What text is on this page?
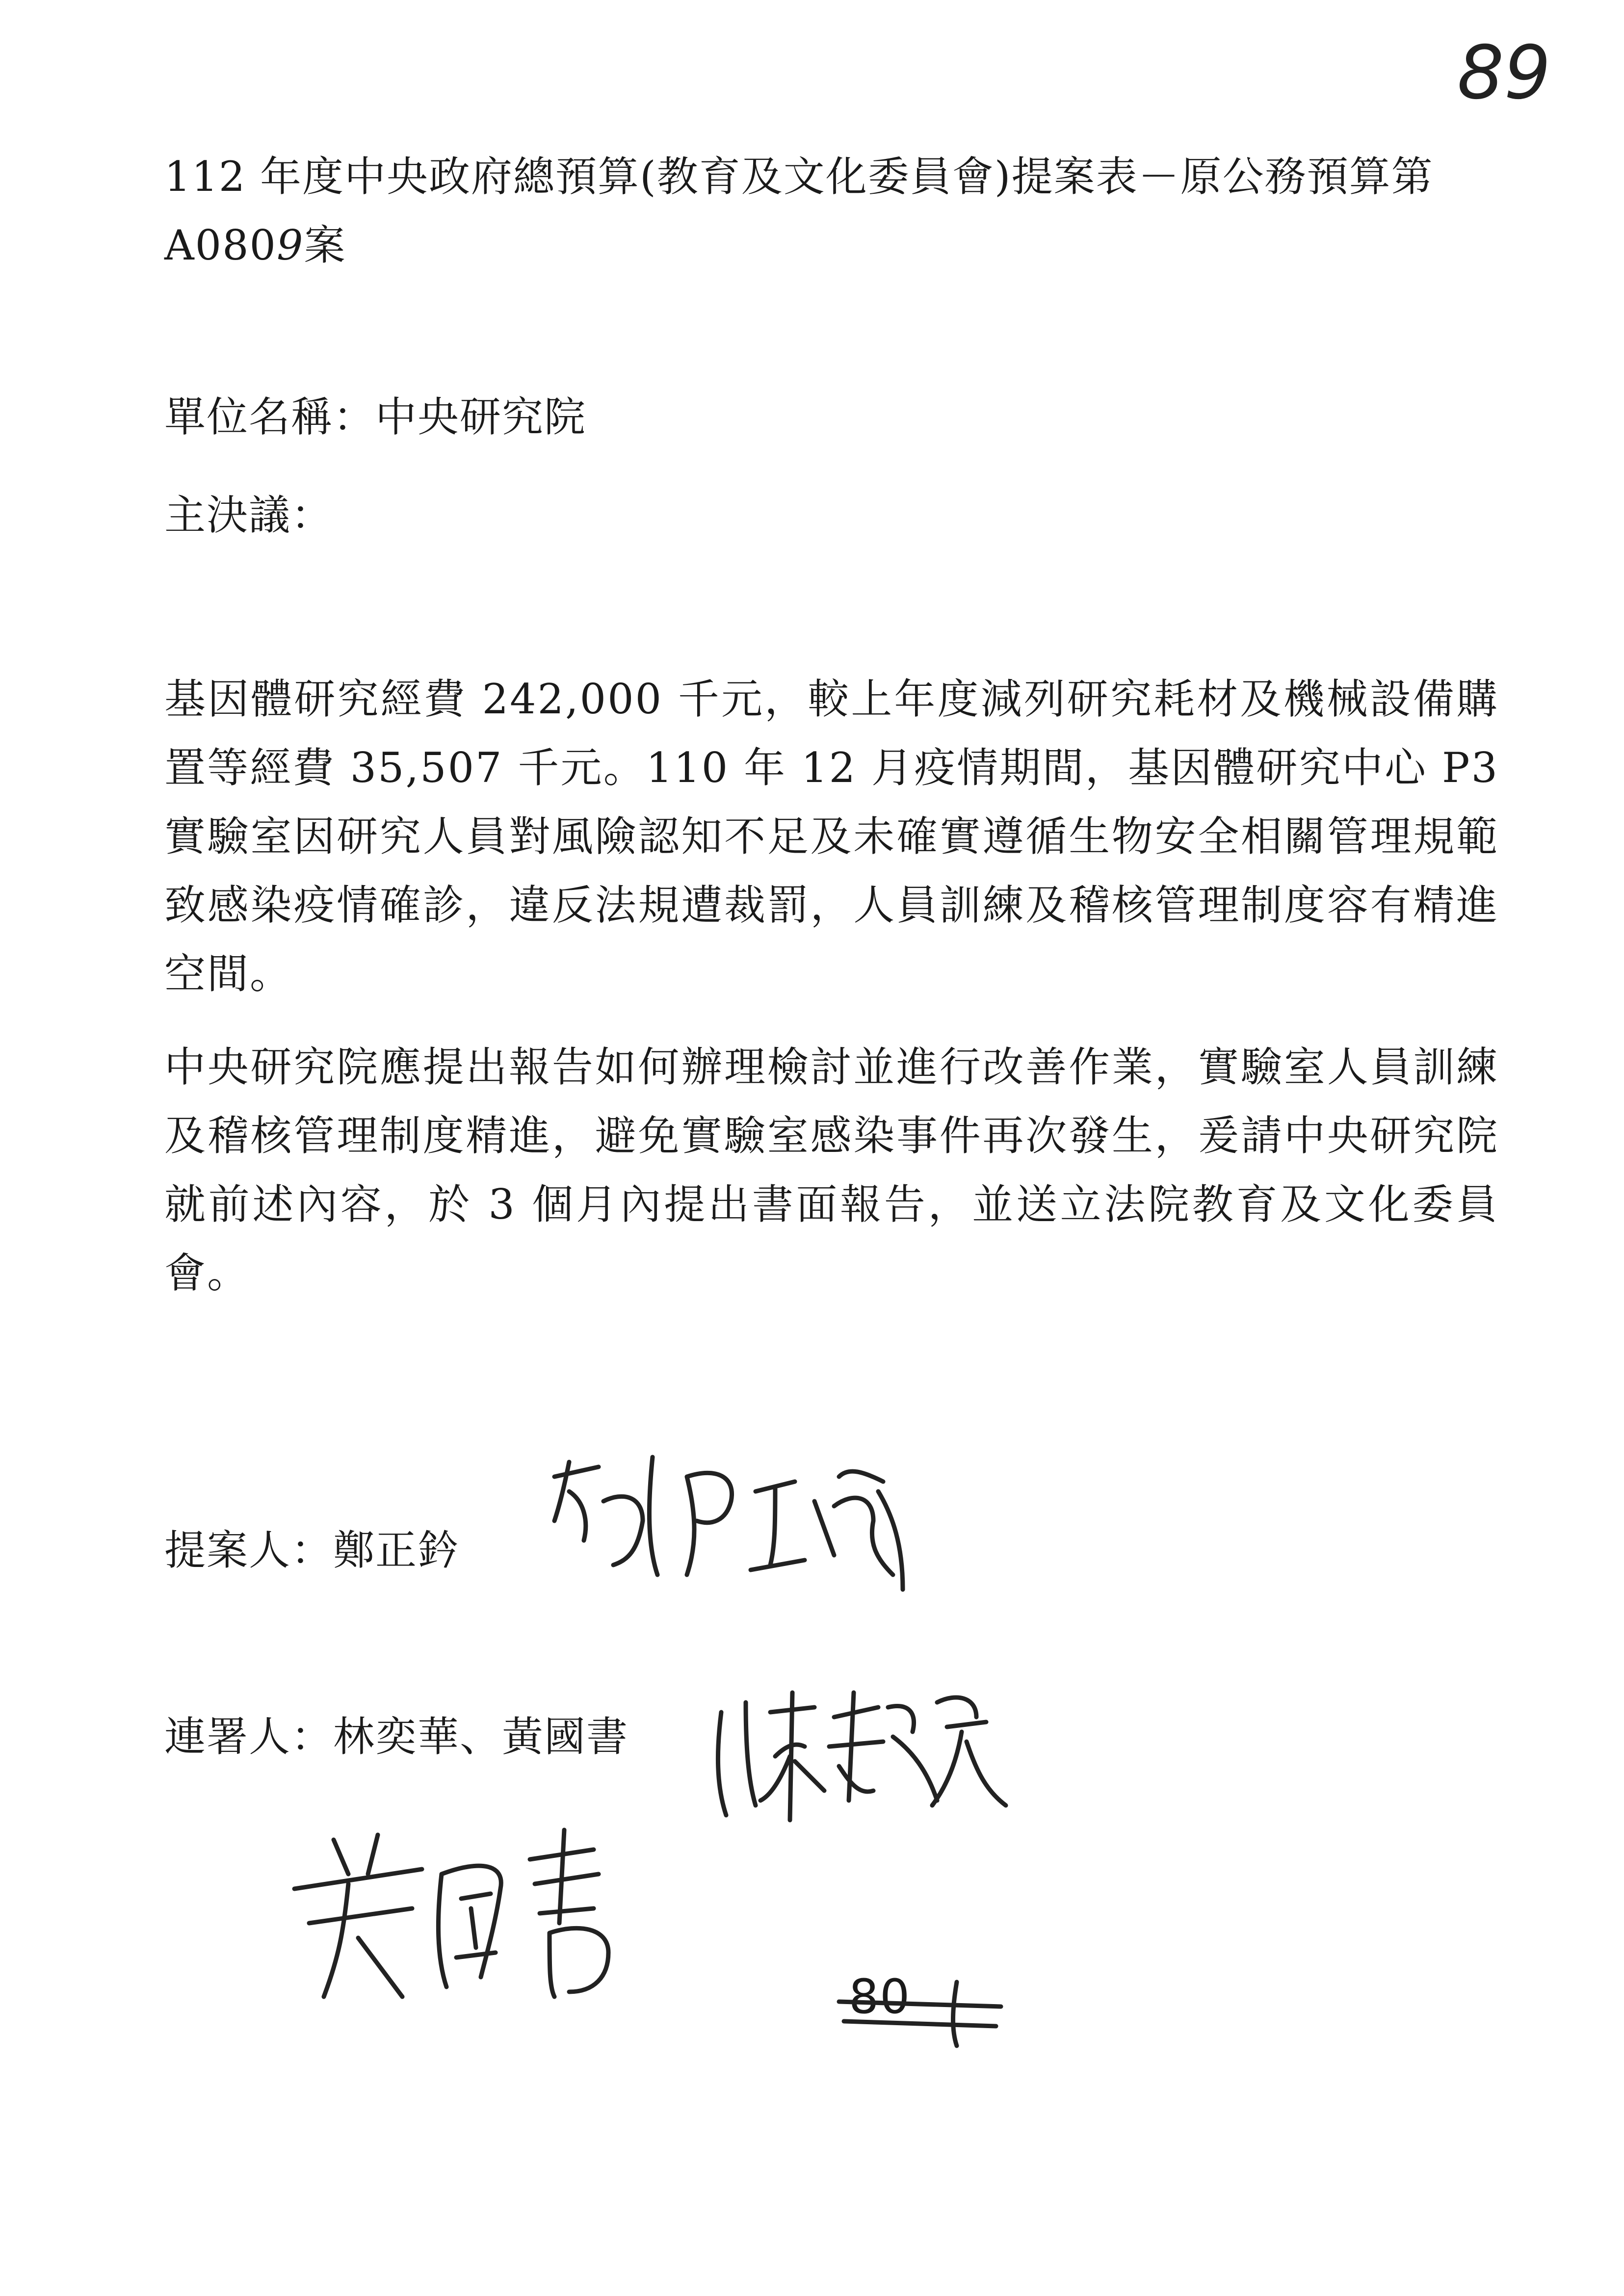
89
112 年度中央政府總預算(教育及文化委員會)提案表－原公務預算第
A0809案
單位名稱：中央研究院
主決議：
基因體研究經費 242,000 千元，較上年度減列研究耗材及機械設備購置等經費 35,507 千元。110 年 12 月疫情期間，基因體研究中心 P3 實驗室因研究人員對風險認知不足及未確實遵循生物安全相關管理規範致感染疫情確診，違反法規遭裁罰，人員訓練及稽核管理制度容有精進空間。
中央研究院應提出報告如何辦理檢討並進行改善作業，實驗室人員訓練及稽核管理制度精進，避免實驗室感染事件再次發生，爰請中央研究院就前述內容，於 3 個月內提出書面報告，並送立法院教育及文化委員會。
提案人：鄭正鈐
連署人：林奕華、黃國書
80
